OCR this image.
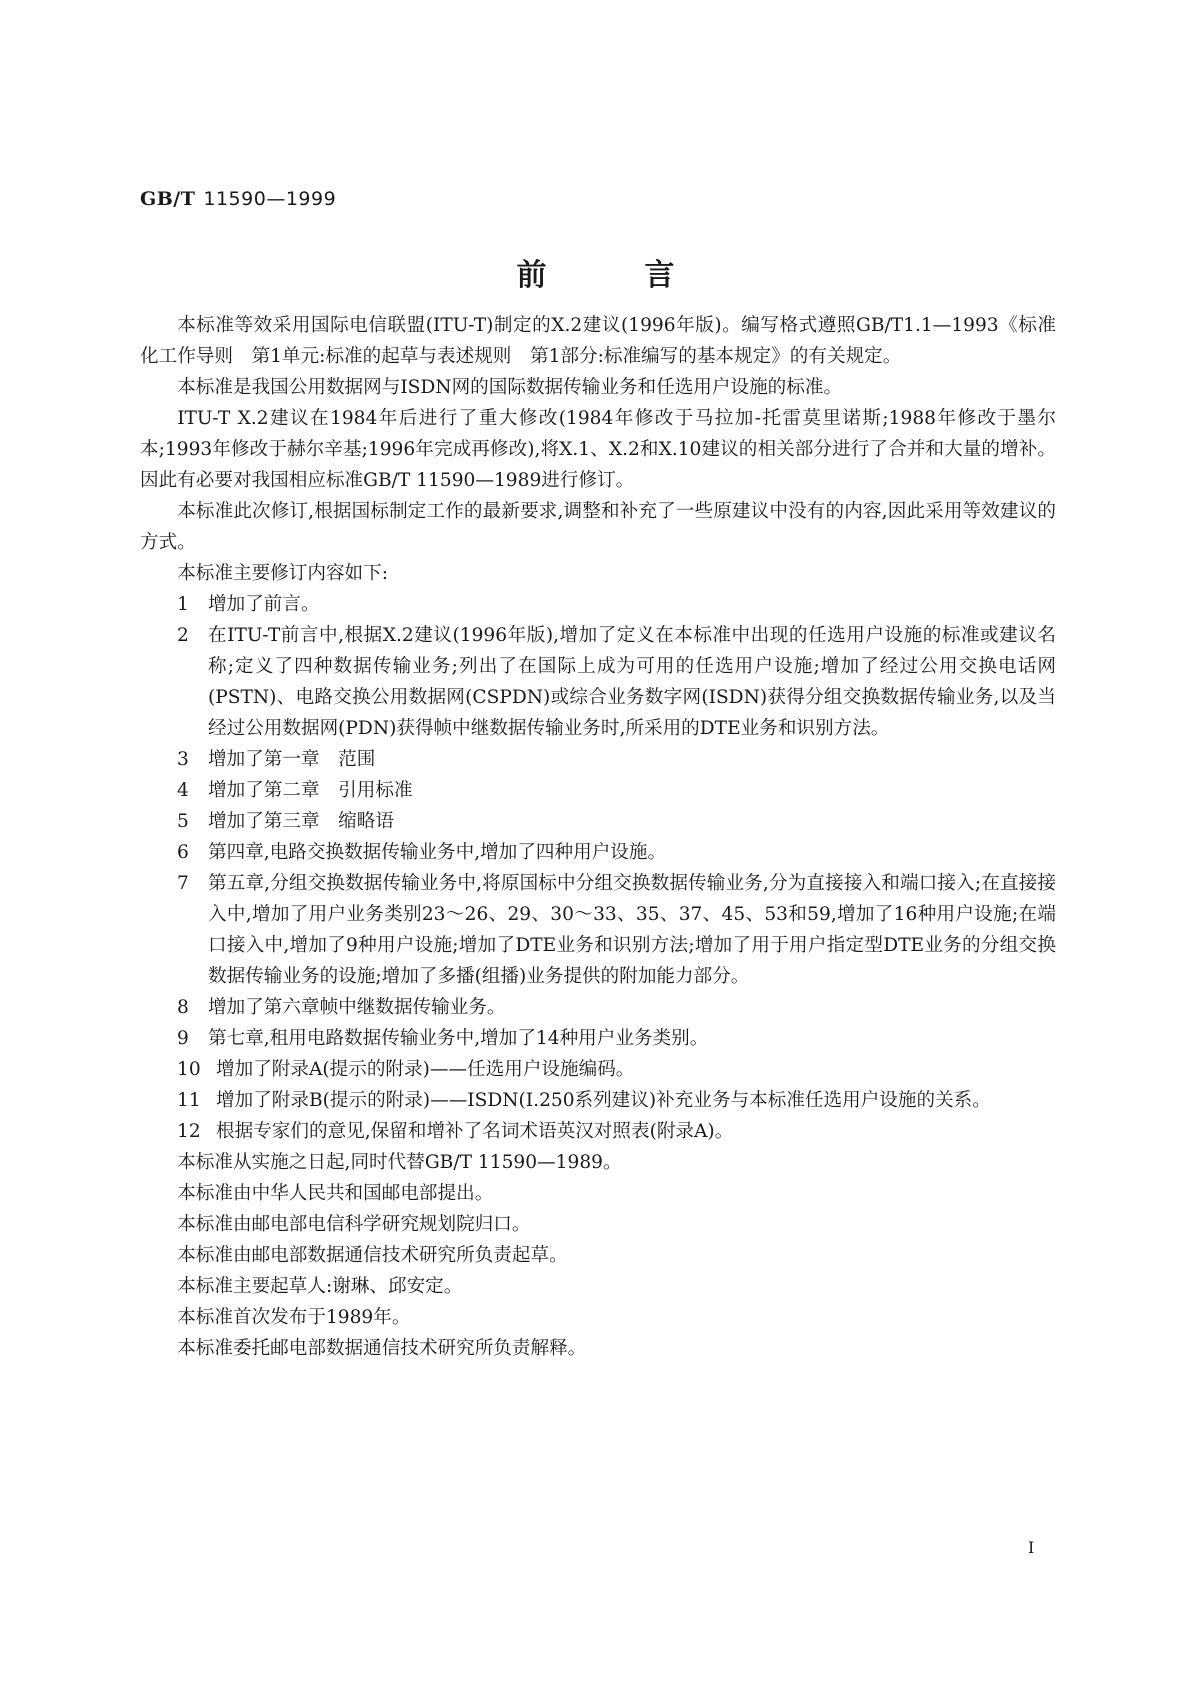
GB/T 11590—1999
前言

本标准等效采用国际电信联盟(ITU-T)制定的X.2建议(1996年版)。编写格式遵照GB/T1.1—1993《标准化工作导则　第1单元:标准的起草与表述规则　第1部分:标准编写的基本规定》的有关规定。

本标准是我国公用数据网与ISDN网的国际数据传输业务和任选用户设施的标准。

ITU-T X.2建议在1984年后进行了重大修改(1984年修改于马拉加-托雷莫里诺斯;1988年修改于墨尔本;1993年修改于赫尔辛基;1996年完成再修改),将X.1、X.2和X.10建议的相关部分进行了合并和大量的增补。因此有必要对我国相应标准GB/T 11590—1989进行修订。

本标准此次修订,根据国标制定工作的最新要求,调整和补充了一些原建议中没有的内容,因此采用等效建议的方式。

本标准主要修订内容如下:

1	增加了前言。
2	在ITU-T前言中,根据X.2建议(1996年版),增加了定义在本标准中出现的任选用户设施的标准或建议名称;定义了四种数据传输业务;列出了在国际上成为可用的任选用户设施;增加了经过公用交换电话网(PSTN)、电路交换公用数据网(CSPDN)或综合业务数字网(ISDN)获得分组交换数据传输业务,以及当经过公用数据网(PDN)获得帧中继数据传输业务时,所采用的DTE业务和识别方法。
3	增加了第一章　范围
4	增加了第二章　引用标准
5	增加了第三章　缩略语
6	第四章,电路交换数据传输业务中,增加了四种用户设施。
7	第五章,分组交换数据传输业务中,将原国标中分组交换数据传输业务,分为直接接入和端口接入;在直接接入中,增加了用户业务类别23～26、29、30～33、35、37、45、53和59,增加了16种用户设施;在端口接入中,增加了9种用户设施;增加了DTE业务和识别方法;增加了用于用户指定型DTE业务的分组交换数据传输业务的设施;增加了多播(组播)业务提供的附加能力部分。
8	增加了第六章帧中继数据传输业务。
9	第七章,租用电路数据传输业务中,增加了14种用户业务类别。
10 增加了附录A(提示的附录)——任选用户设施编码。
11 增加了附录B(提示的附录)——ISDN(Ⅰ.250系列建议)补充业务与本标准任选用户设施的关系。
12 根据专家们的意见,保留和增补了名词术语英汉对照表(附录A)。

本标准从实施之日起,同时代替GB/T 11590—1989。

本标准由中华人民共和国邮电部提出。

本标准由邮电部电信科学研究规划院归口。

本标准由邮电部数据通信技术研究所负责起草。

本标准主要起草人:谢琳、邱安定。

本标准首次发布于1989年。

本标准委托邮电部数据通信技术研究所负责解释。

Ⅰ
